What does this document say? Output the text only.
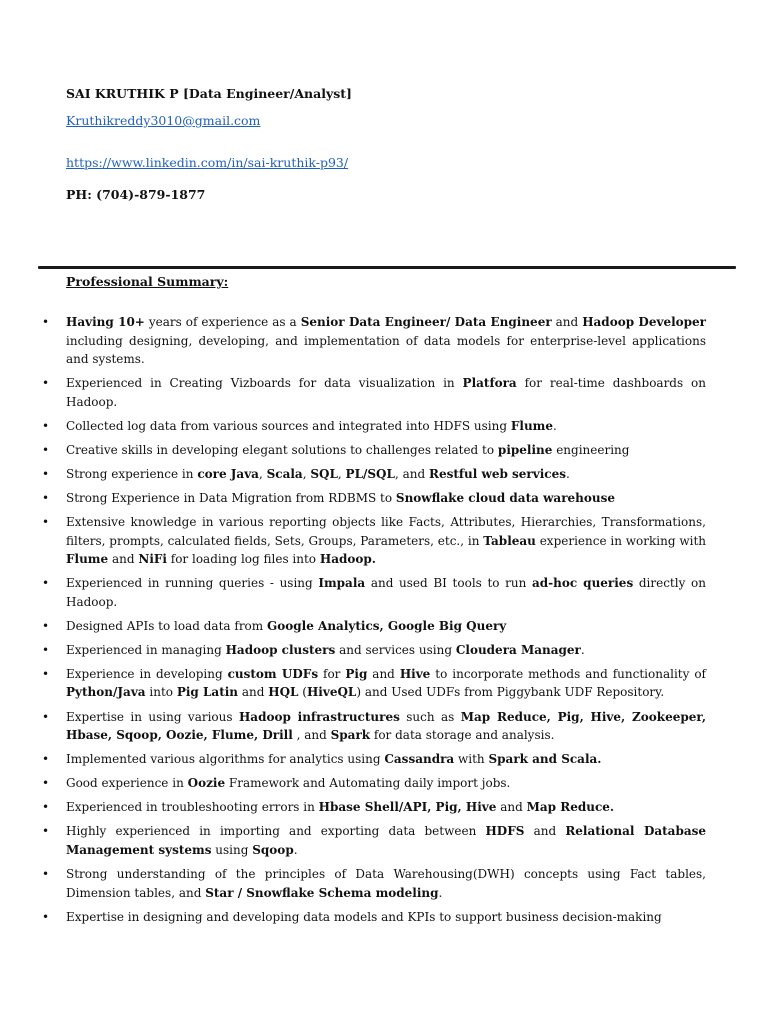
SAI KRUTHIK P [Data Engineer/Analyst]
Kruthikreddy3010@gmail.com
https://www.linkedin.com/in/sai-kruthik-p93/
PH: (704)-879-1877
Professional Summary:
• Having 10+ years of experience as a Senior Data Engineer/ Data Engineer and Hadoop Developer including designing, developing, and implementation of data models for enterprise-level applications and systems.
• Experienced in Creating Vizboards for data visualization in Platfora for real-time dashboards on Hadoop.
• Collected log data from various sources and integrated into HDFS using Flume.
• Creative skills in developing elegant solutions to challenges related to pipeline engineering
• Strong experience in core Java, Scala, SQL, PL/SQL, and Restful web services.
• Strong Experience in Data Migration from RDBMS to Snowflake cloud data warehouse
• Extensive knowledge in various reporting objects like Facts, Attributes, Hierarchies, Transformations, filters, prompts, calculated fields, Sets, Groups, Parameters, etc., in Tableau experience in working with Flume and NiFi for loading log files into Hadoop.
• Experienced in running queries - using Impala and used BI tools to run ad-hoc queries directly on Hadoop.
• Designed APIs to load data from Google Analytics, Google Big Query
• Experienced in managing Hadoop clusters and services using Cloudera Manager.
• Experience in developing custom UDFs for Pig and Hive to incorporate methods and functionality of Python/Java into Pig Latin and HQL (HiveQL) and Used UDFs from Piggybank UDF Repository.
• Expertise in using various Hadoop infrastructures such as Map Reduce, Pig, Hive, Zookeeper, Hbase, Sqoop, Oozie, Flume, Drill , and Spark for data storage and analysis.
• Implemented various algorithms for analytics using Cassandra with Spark and Scala.
• Good experience in Oozie Framework and Automating daily import jobs.
• Experienced in troubleshooting errors in Hbase Shell/API, Pig, Hive and Map Reduce.
• Highly experienced in importing and exporting data between HDFS and Relational Database Management systems using Sqoop.
• Strong understanding of the principles of Data Warehousing(DWH) concepts using Fact tables, Dimension tables, and Star / Snowflake Schema modeling.
• Expertise in designing and developing data models and KPIs to support business decision-making
